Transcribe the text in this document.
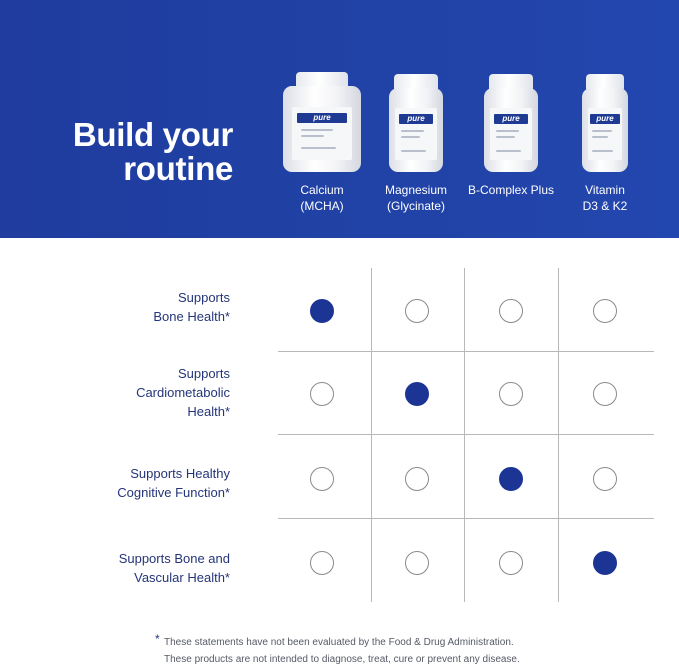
Build your
routine
pure
Calcium
(MCHA)
pure
Magnesium
(Glycinate)
pure
B-Complex Plus
pure
Vitamin
D3 & K2
Supports
Bone Health*
Supports
Cardiometabolic
Health*
Supports Healthy
Cognitive Function*
Supports Bone and
Vascular Health*
* These statements have not been evaluated by the Food & Drug Administration.
These products are not intended to diagnose, treat, cure or prevent any disease.
